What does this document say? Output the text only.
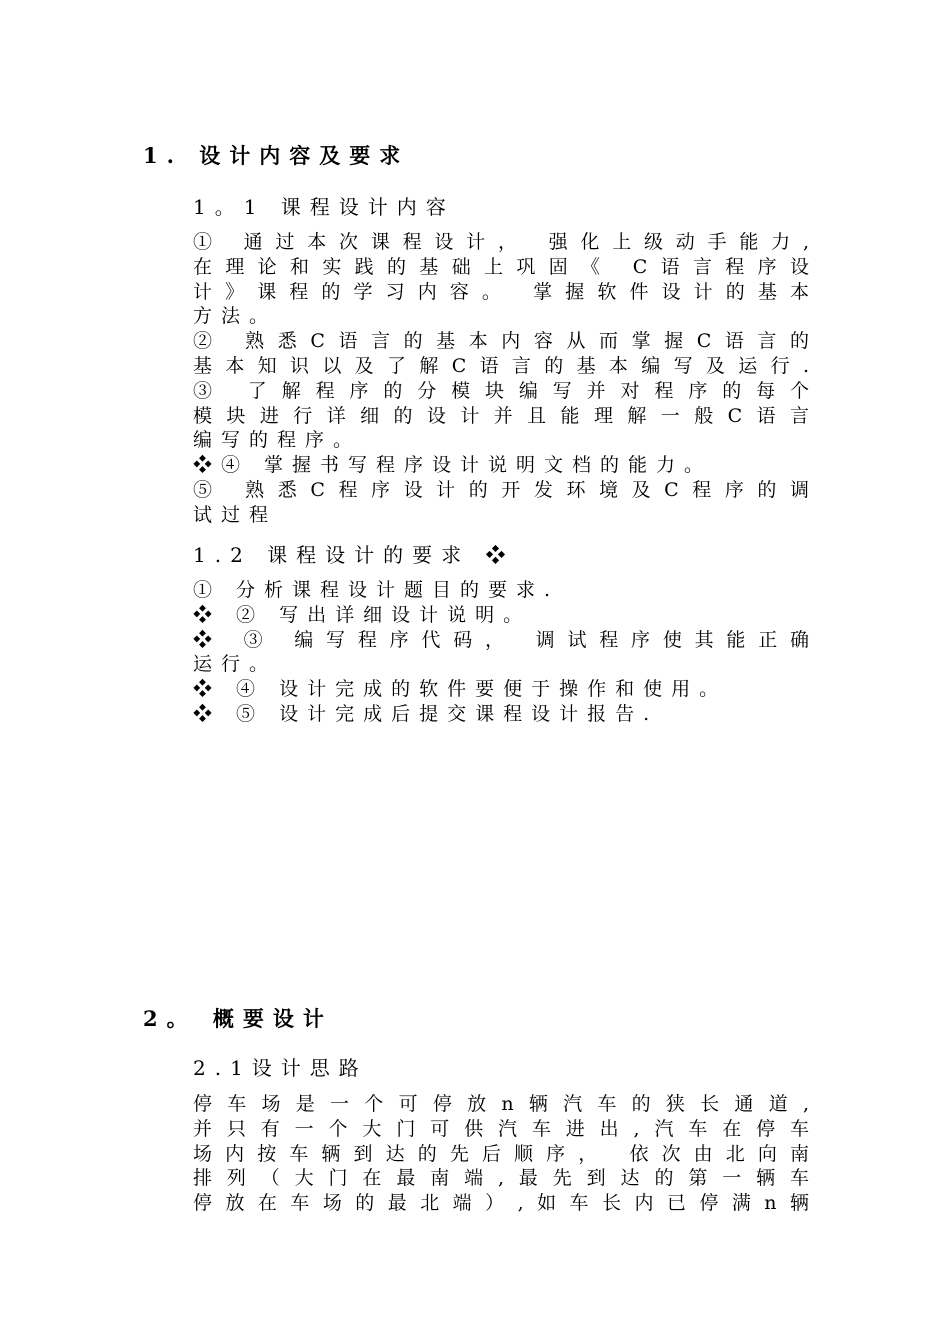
1. 设计内容及要求
1。1 课程设计内容
① 通过本次课程设计， 强化上级动手能力,
在理论和实践的基础上巩固《 C语言程序设
计》课程的学习内容。 掌握软件设计的基本
方法。
② 熟悉C语言的基本内容从而掌握C语言的
基本知识以及了解C语言的基本编写及运行.
③ 了解程序的分模块编写并对程序的每个
模块进行详细的设计并且能理解一般C语言
编写的程序。
❖④ 掌握书写程序设计说明文档的能力。
⑤ 熟悉C程序设计的开发环境及C程序的调
试过程
1.2 课程设计的要求 ❖
① 分析课程设计题目的要求.
❖ ② 写出详细设计说明。
❖ ③ 编写程序代码， 调试程序使其能正确
运行。
❖ ④ 设计完成的软件要便于操作和使用。
❖ ⑤ 设计完成后提交课程设计报告.
2。 概要设计
2.1设计思路
停车场是一个可停放n辆汽车的狭长通道,
并只有一个大门可供汽车进出,汽车在停车
场内按车辆到达的先后顺序， 依次由北向南
排列（大门在最南端,最先到达的第一辆车
停放在车场的最北端）,如车长内已停满n辆
